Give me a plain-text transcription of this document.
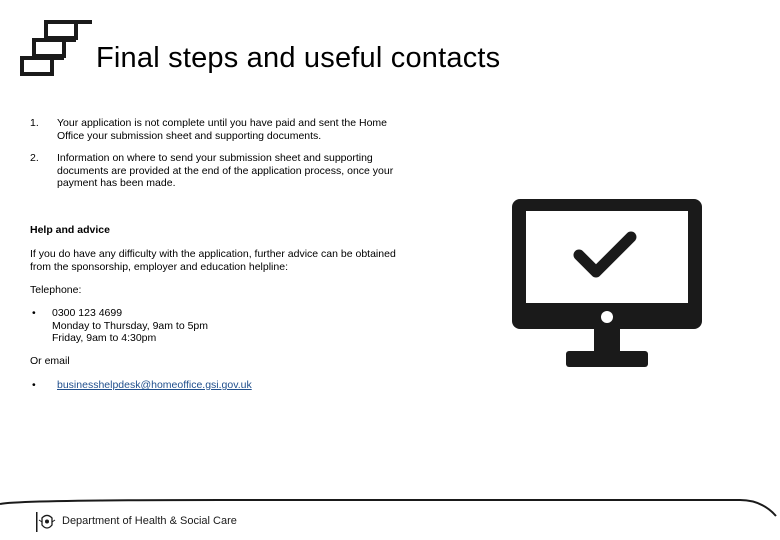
Final steps and useful contacts
1.	Your application is not complete until you have paid and sent the Home
Office your submission sheet and supporting documents.
2.	Information on where to send your submission sheet and supporting
documents are provided at the end of the application process, once your
payment has been made.
Help and advice
If you do have any difficulty with the application, further advice can be obtained
from the sponsorship, employer and education helpline:
Telephone:
• 0300 123 4699
Monday to Thursday, 9am to 5pm
Friday, 9am to 4:30pm
Or email
• businesshelpdesk@homeoffice.gsi.gov.uk
Department of Health & Social Care
